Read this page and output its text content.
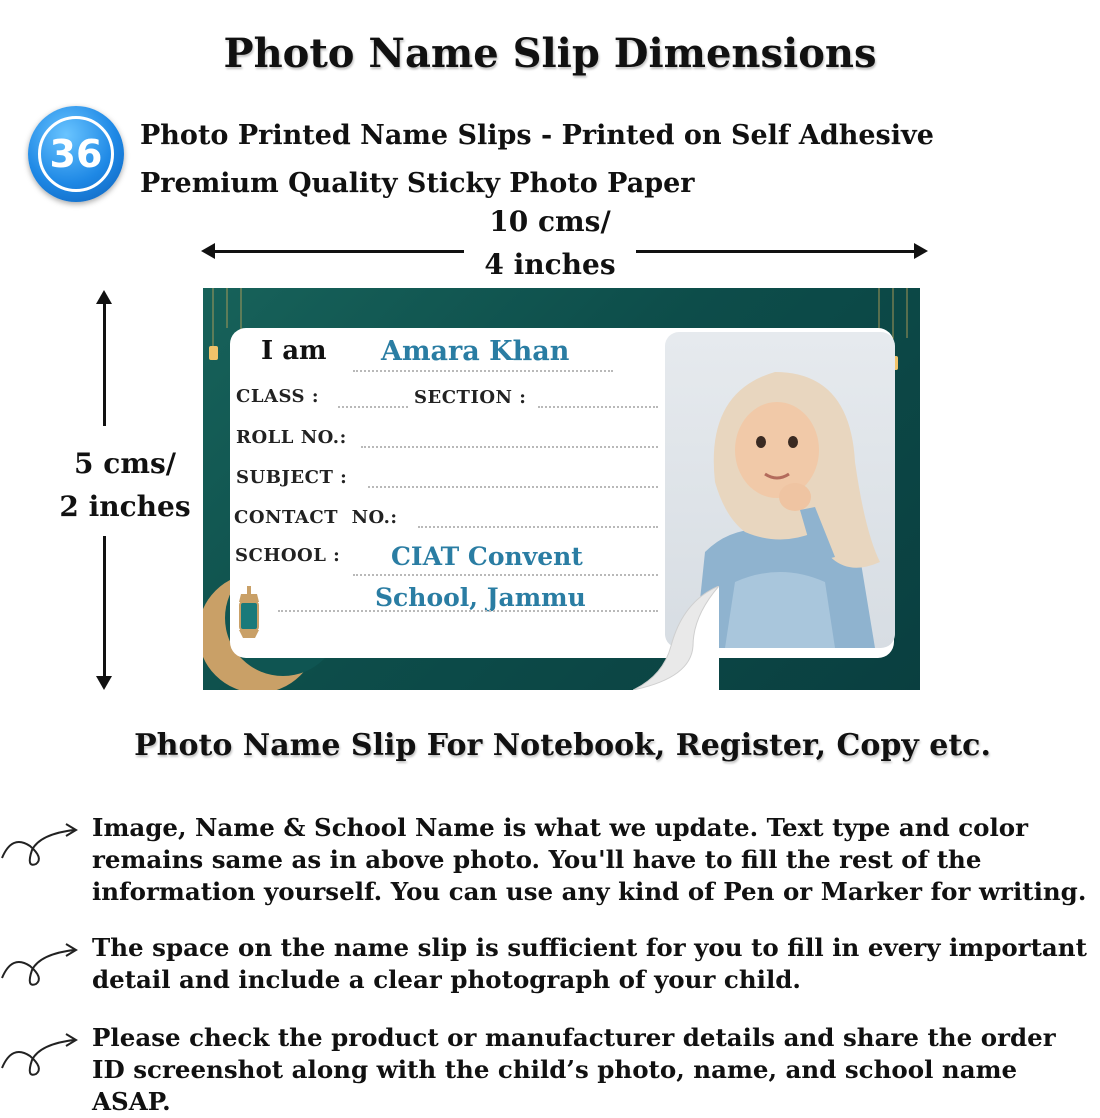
Photo Name Slip Dimensions
36	Photo Printed Name Slips - Printed on Self Adhesive Premium Quality Sticky Photo Paper
10 cms/
4 inches
5 cms/
2 inches
I am Amara Khan
CLASS :	SECTION :
ROLL NO.:
SUBJECT :
CONTACT  NO.:
SCHOOL : CIAT Convent
School, Jammu
Photo Name Slip For Notebook, Register, Copy etc.
Image, Name & School Name is what we update. Text type and color remains same as in above photo. You'll have to fill the rest of the information yourself. You can use any kind of Pen or Marker for writing.
The space on the name slip is sufficient for you to fill in every important detail and include a clear photograph of your child.
Please check the product or manufacturer details and share the order ID screenshot along with the child’s photo, name, and school name ASAP.
